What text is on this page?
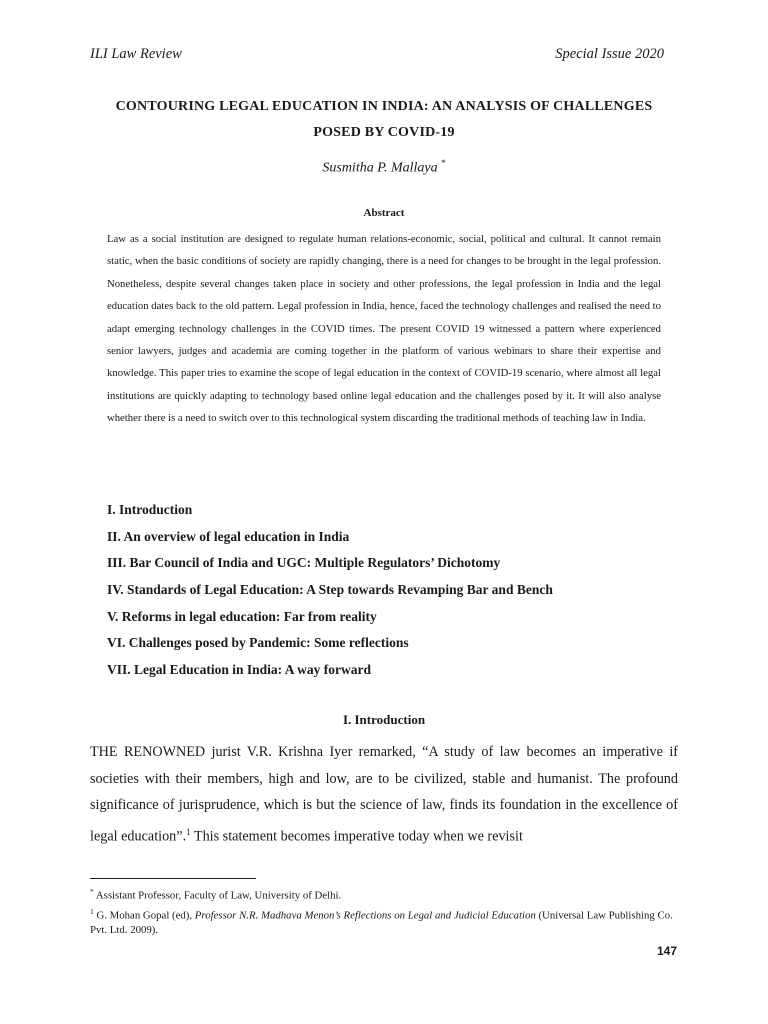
ILI Law Review	Special Issue 2020
CONTOURING LEGAL EDUCATION IN INDIA: AN ANALYSIS OF CHALLENGES
POSED BY COVID-19
Susmitha P. Mallaya *
Abstract
Law as a social institution are designed to regulate human relations-economic, social, political and cultural. It cannot remain static, when the basic conditions of society are rapidly changing, there is a need for changes to be brought in the legal profession. Nonetheless, despite several changes taken place in society and other professions, the legal profession in India and the legal education dates back to the old pattern. Legal profession in India, hence, faced the technology challenges and realised the need to adapt emerging technology challenges in the COVID times. The present COVID 19 witnessed a pattern where experienced senior lawyers, judges and academia are coming together in the platform of various webinars to share their expertise and knowledge. This paper tries to examine the scope of legal education in the context of COVID-19 scenario, where almost all legal institutions are quickly adapting to technology based online legal education and the challenges posed by it. It will also analyse whether there is a need to switch over to this technological system discarding the traditional methods of teaching law in India.
I. Introduction
II. An overview of legal education in India
III. Bar Council of India and UGC: Multiple Regulators’ Dichotomy
IV. Standards of Legal Education: A Step towards Revamping Bar and Bench
V. Reforms in legal education: Far from reality
VI. Challenges posed by Pandemic: Some reflections
VII. Legal Education in India: A way forward
I. Introduction
THE RENOWNED jurist V.R. Krishna Iyer remarked, “A study of law becomes an imperative if societies with their members, high and low, are to be civilized, stable and humanist. The profound significance of jurisprudence, which is but the science of law, finds its foundation in the excellence of legal education”.$^1$ This statement becomes imperative today when we revisit

* Assistant Professor, Faculty of Law, University of Delhi.

$^1$ G. Mohan Gopal (ed), Professor N.R. Madhava Menon’s Reflections on Legal and Judicial Education (Universal Law Publishing Co. Pvt. Ltd. 2009).

147
